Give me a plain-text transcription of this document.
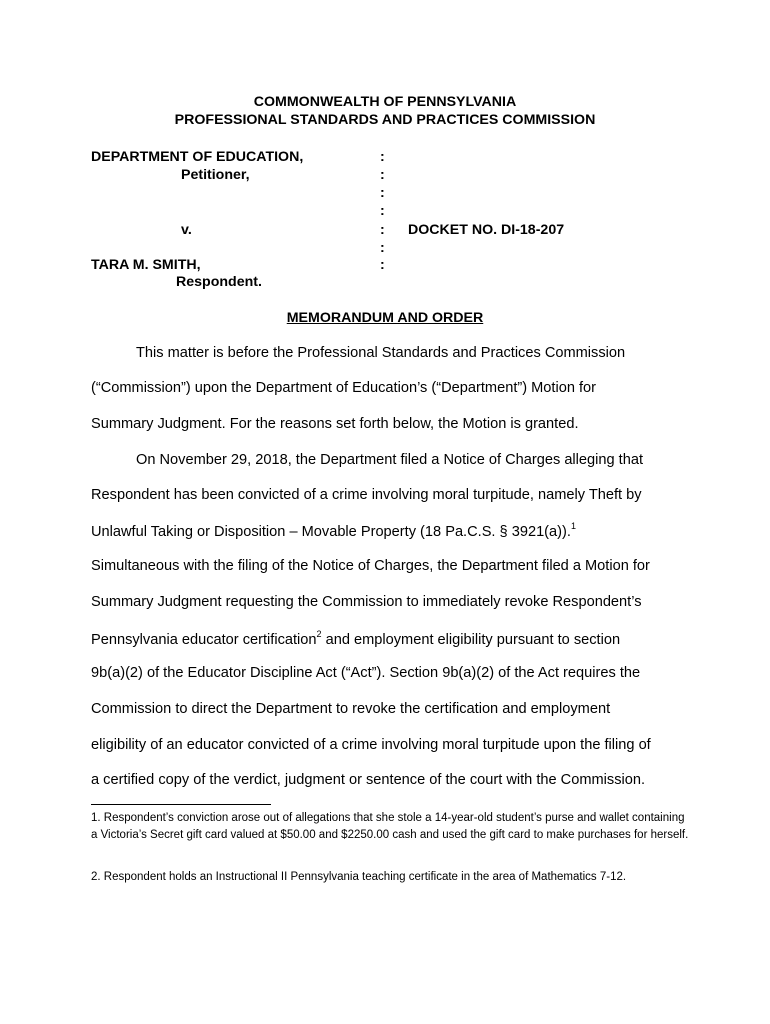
COMMONWEALTH OF PENNSYLVANIA
PROFESSIONAL STANDARDS AND PRACTICES COMMISSION
DEPARTMENT OF EDUCATION,
Petitioner,
v.
TARA M. SMITH,
Respondent.
:
:
:
:
:
:
:
DOCKET NO. DI-18-207
MEMORANDUM AND ORDER
This matter is before the Professional Standards and Practices Commission
(“Commission”) upon the Department of Education’s (“Department”) Motion for
Summary Judgment. For the reasons set forth below, the Motion is granted.
On November 29, 2018, the Department filed a Notice of Charges alleging that
Respondent has been convicted of a crime involving moral turpitude, namely Theft by
Unlawful Taking or Disposition – Movable Property (18 Pa.C.S. § 3921(a)).$^1$
Simultaneous with the filing of the Notice of Charges, the Department filed a Motion for
Summary Judgment requesting the Commission to immediately revoke Respondent’s
Pennsylvania educator certification$^2$ and employment eligibility pursuant to section
9b(a)(2) of the Educator Discipline Act (“Act”). Section 9b(a)(2) of the Act requires the
Commission to direct the Department to revoke the certification and employment
eligibility of an educator convicted of a crime involving moral turpitude upon the filing of
a certified copy of the verdict, judgment or sentence of the court with the Commission.
1. Respondent’s conviction arose out of allegations that she stole a 14-year-old student’s purse and wallet containing a Victoria’s Secret gift card valued at $50.00 and $2250.00 cash and used the gift card to make purchases for herself.
2. Respondent holds an Instructional II Pennsylvania teaching certificate in the area of Mathematics 7-12.
